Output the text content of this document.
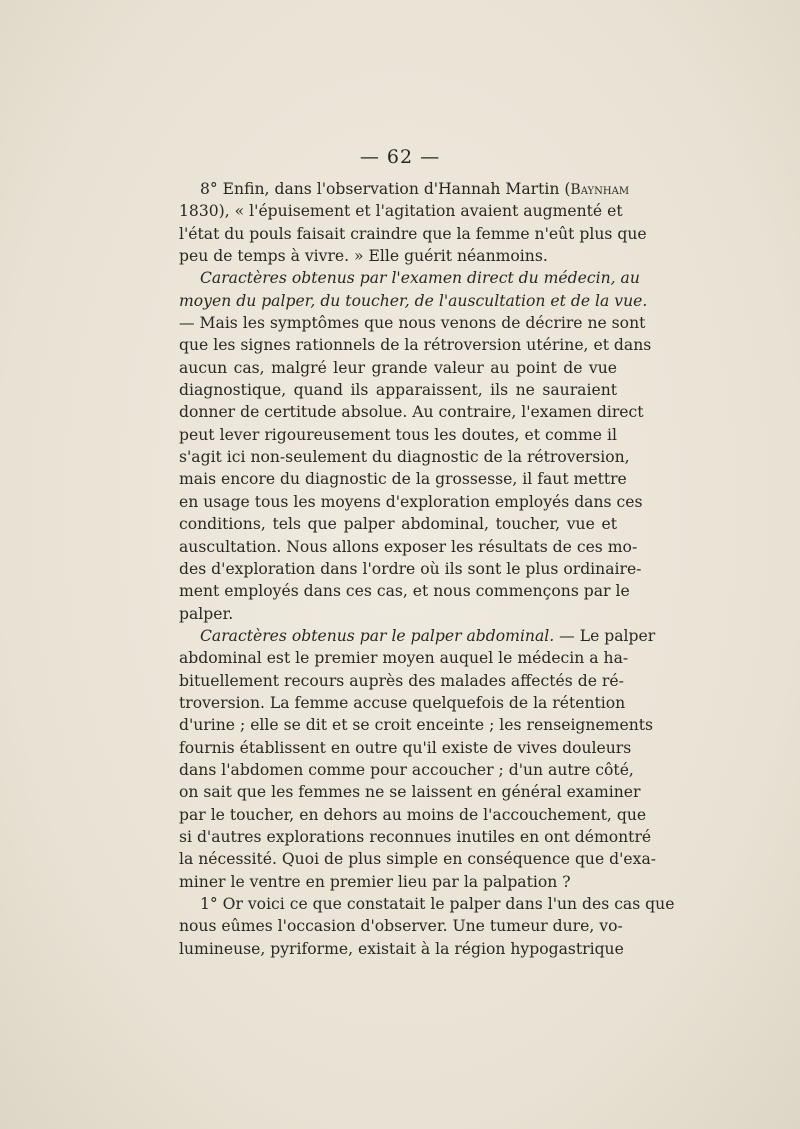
— 62 —
8° Enfin, dans l'observation d'Hannah Martin (Baynham
1830), « l'épuisement et l'agitation avaient augmenté et
l'état du pouls faisait craindre que la femme n'eût plus que
peu de temps à vivre. » Elle guérit néanmoins.
Caractères obtenus par l'examen direct du médecin, au
moyen du palper, du toucher, de l'auscultation et de la vue.
— Mais les symptômes que nous venons de décrire ne sont
que les signes rationnels de la rétroversion utérine, et dans
aucun cas, malgré leur grande valeur au point de vue
diagnostique, quand ils apparaissent, ils ne sauraient
donner de certitude absolue. Au contraire, l'examen direct
peut lever rigoureusement tous les doutes, et comme il
s'agit ici non-seulement du diagnostic de la rétroversion,
mais encore du diagnostic de la grossesse, il faut mettre
en usage tous les moyens d'exploration employés dans ces
conditions, tels que palper abdominal, toucher, vue et
auscultation. Nous allons exposer les résultats de ces mo-
des d'exploration dans l'ordre où ils sont le plus ordinaire-
ment employés dans ces cas, et nous commençons par le
palper.
Caractères obtenus par le palper abdominal. — Le palper
abdominal est le premier moyen auquel le médecin a ha-
bituellement recours auprès des malades affectés de ré-
troversion. La femme accuse quelquefois de la rétention
d'urine ; elle se dit et se croit enceinte ; les renseignements
fournis établissent en outre qu'il existe de vives douleurs
dans l'abdomen comme pour accoucher ; d'un autre côté,
on sait que les femmes ne se laissent en général examiner
par le toucher, en dehors au moins de l'accouchement, que
si d'autres explorations reconnues inutiles en ont démontré
la nécessité. Quoi de plus simple en conséquence que d'exa-
miner le ventre en premier lieu par la palpation ?
1° Or voici ce que constatait le palper dans l'un des cas que
nous eûmes l'occasion d'observer. Une tumeur dure, vo-
lumineuse, pyriforme, existait à la région hypogastrique
